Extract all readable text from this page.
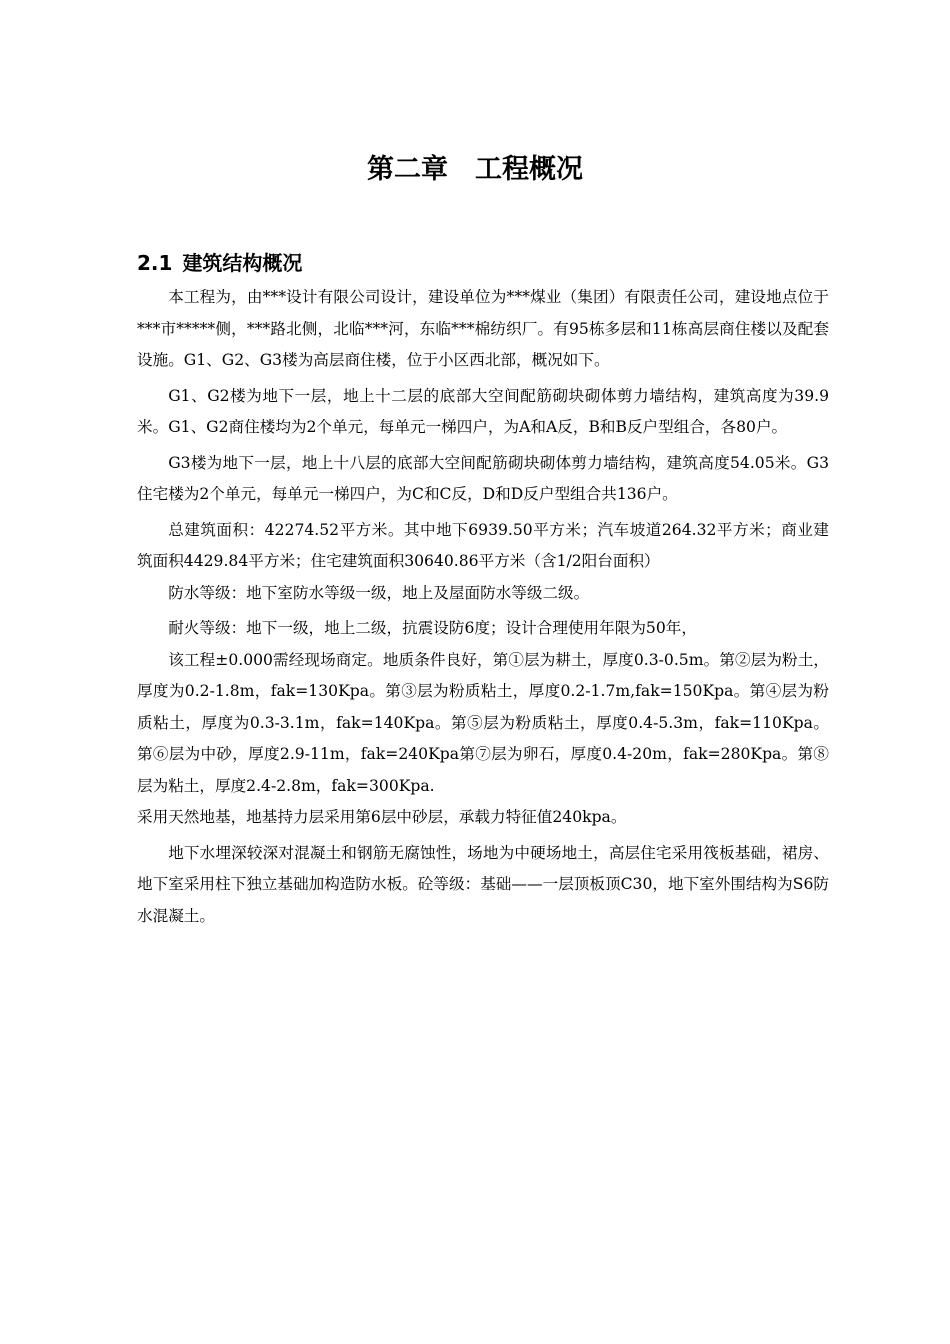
第二章　工程概况
2.1 建筑结构概况

本工程为，由***设计有限公司设计，建设单位为***煤业（集团）有限责任公司，建设地点位于***市*****侧，***路北侧，北临***河，东临***棉纺织厂。有95栋多层和11栋高层商住楼以及配套设施。G1、G2、G3楼为高层商住楼，位于小区西北部，概况如下。

G1、G2楼为地下一层，地上十二层的底部大空间配筋砌块砌体剪力墙结构，建筑高度为39.9米。G1、G2商住楼均为2个单元，每单元一梯四户，为A和A反，B和B反户型组合，各80户。

G3楼为地下一层，地上十八层的底部大空间配筋砌块砌体剪力墙结构，建筑高度54.05米。G3住宅楼为2个单元，每单元一梯四户，为C和C反，D和D反户型组合共136户。

总建筑面积：42274.52平方米。其中地下6939.50平方米；汽车坡道264.32平方米；商业建筑面积4429.84平方米；住宅建筑面积30640.86平方米（含1/2阳台面积）

防水等级：地下室防水等级一级，地上及屋面防水等级二级。

耐火等级：地下一级，地上二级，抗震设防6度；设计合理使用年限为50年，

该工程±0.000需经现场商定。地质条件良好，第①层为耕土，厚度0.3-0.5m。第②层为粉土，厚度为0.2-1.8m，fak=130Kpa。第③层为粉质粘土，厚度0.2-1.7m,fak=150Kpa。第④层为粉质粘土，厚度为0.3-3.1m，fak=140Kpa。第⑤层为粉质粘土，厚度0.4-5.3m，fak=110Kpa。第⑥层为中砂，厚度2.9-11m，fak=240Kpa第⑦层为卵石，厚度0.4-20m，fak=280Kpa。第⑧层为粘土，厚度2.4-2.8m，fak=300Kpa.

采用天然地基，地基持力层采用第6层中砂层，承载力特征值240kpa。

地下水埋深较深对混凝土和钢筋无腐蚀性，场地为中硬场地土，高层住宅采用筏板基础，裙房、地下室采用柱下独立基础加构造防水板。砼等级：基础——一层顶板顶C30，地下室外围结构为S6防水混凝土。
